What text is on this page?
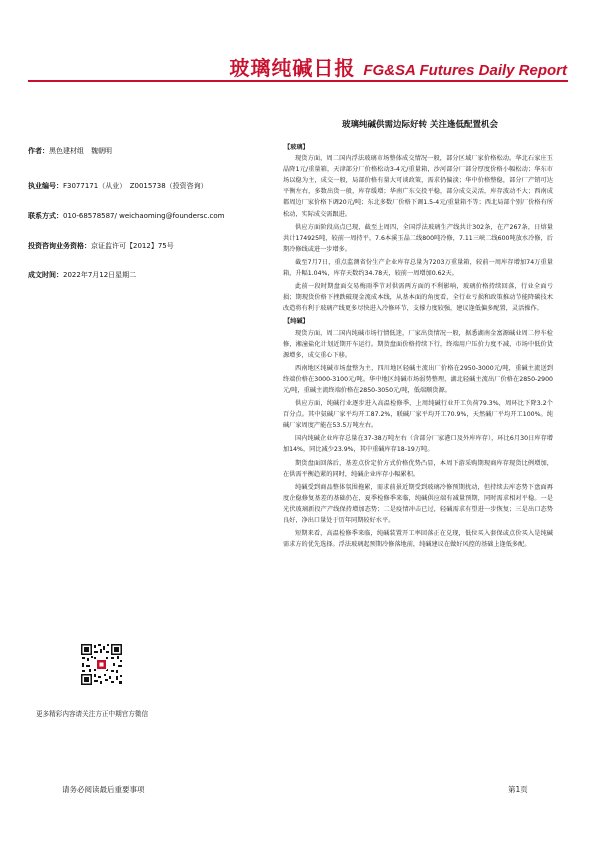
玻璃纯碱日报 FG&SA Futures Daily Report
玻璃纯碱供需边际好转 关注逢低配置机会
作者：黑色建材组　魏朝明
执业编号：F3077171（从业）　Z0015738（投资咨询）
联系方式：010-68578587/ weichaoming@foundersc.com
投资咨询业务资格：京证监许可【2012】75号
成文时间：2022年7月12日星期二
更多精彩内容请关注方正中期官方微信
【玻璃】

现货方面，周二国内浮法玻璃市场整体成交情况一般，部分区域厂家价格松动。华北石家庄玉晶降1元/重量箱，天津部分厂价格松动3-4元/重量箱，沙河部分厂部分厚度价格小幅松动；华东市场以稳为主，成交一般，局部价格有量大可谈政策，需求仍偏淡；华中价格整稳，部分厂产销可达平衡左右，多数出货一般，库存缓增；华南广东交投平稳，部分成交灵活，库存波动不大；西南成都周边厂家价格下调20元/吨；东北多数厂价格下调1.5-4元/重量箱不等；西北局部个别厂价格有所松动，实际成交需跟进。

供应方面阶段高点已现，截至上周四，全国浮法玻璃生产线共计302条，在产267条，日熔量共计174925吨，较前一周持平。7.6本溪玉晶二线800吨冷修，7.11三峡二线600吨放水冷修，后期冷修线或进一步增多。

截至7月7日，重点监测省份生产企业库存总量为7203万重量箱，较前一周库存增加74万重量箱，升幅1.04%，库存天数约34.78天，较前一周增加0.62天。

此前一段时期盘面交易梅雨季节对供需两方面的不利影响，玻璃价格持续回落，行业全面亏损；期现货价格下挫跌破现金流成本线，从基本面的角度看，全行业亏损和政策推动节能降碳技术改造将有利于玻璃产线更多尽快进入冷修环节，支撑力度较强，建议逢低偏多配置，灵活操作。

【纯碱】

现货方面，周二国内纯碱市场行情低迷，厂家出货情况一般，据悉湖南金富源碱业周二停车检修，湘潼盐化计划近期开车运行。期货盘面价格持续下行，终端用户压价力度不减，市场中低价货源增多，成交重心下移。

西南地区纯碱市场盘整为主，四川地区轻碱主流出厂价格在2950-3000元/吨，重碱主流送到终端价格在3000-3100元/吨。华中地区纯碱市场弱势整理，湖北轻碱主流出厂价格在2850-2900元/吨，重碱主流终端价格在2850-3050元/吨，低端顺货源。

供应方面，纯碱行业逐步进入高温检修季，上周纯碱行业开工负荷79.3%，周环比下降3.2个百分点。其中氨碱厂家平均开工87.2%，联碱厂家平均开工70.9%，天然碱厂平均开工100%。纯碱厂家周度产能在53.5万吨左右。

国内纯碱企业库存总量在37-38万吨左右（含部分厂家港口及外库库存），环比6月30日库存增加14%，同比减少23.9%，其中重碱库存18-19万吨。

期货盘面回落后，基差点价定价方式价格优势凸显，本周下游采购期现商库存现货比例增加，在供需平衡趋紧的同时，纯碱企业库存小幅累积。

纯碱受到商品整体氛围拖累，需求前景近期受到玻璃冷修预期扰动，但持续去库态势下盘面再度企稳修复基差的基础仍在，夏季检修季来临，纯碱供应端有减量预期，同时需求相对平稳。一是光伏玻璃新投产产线保持增加态势；二是疫情冲击已过，轻碱需求有望进一步恢复；三是出口态势良好，净出口量处于历年同期较好水平。

短期来看，高温检修季来临，纯碱装置开工率回落正在兑现，低位买入套保或点价买入是纯碱需求方的优先选择。浮法玻璃起预期冷修落地前，纯碱建议在做好风控的基础上逢低多配。

请务必阅读最后重要事项	第1页
